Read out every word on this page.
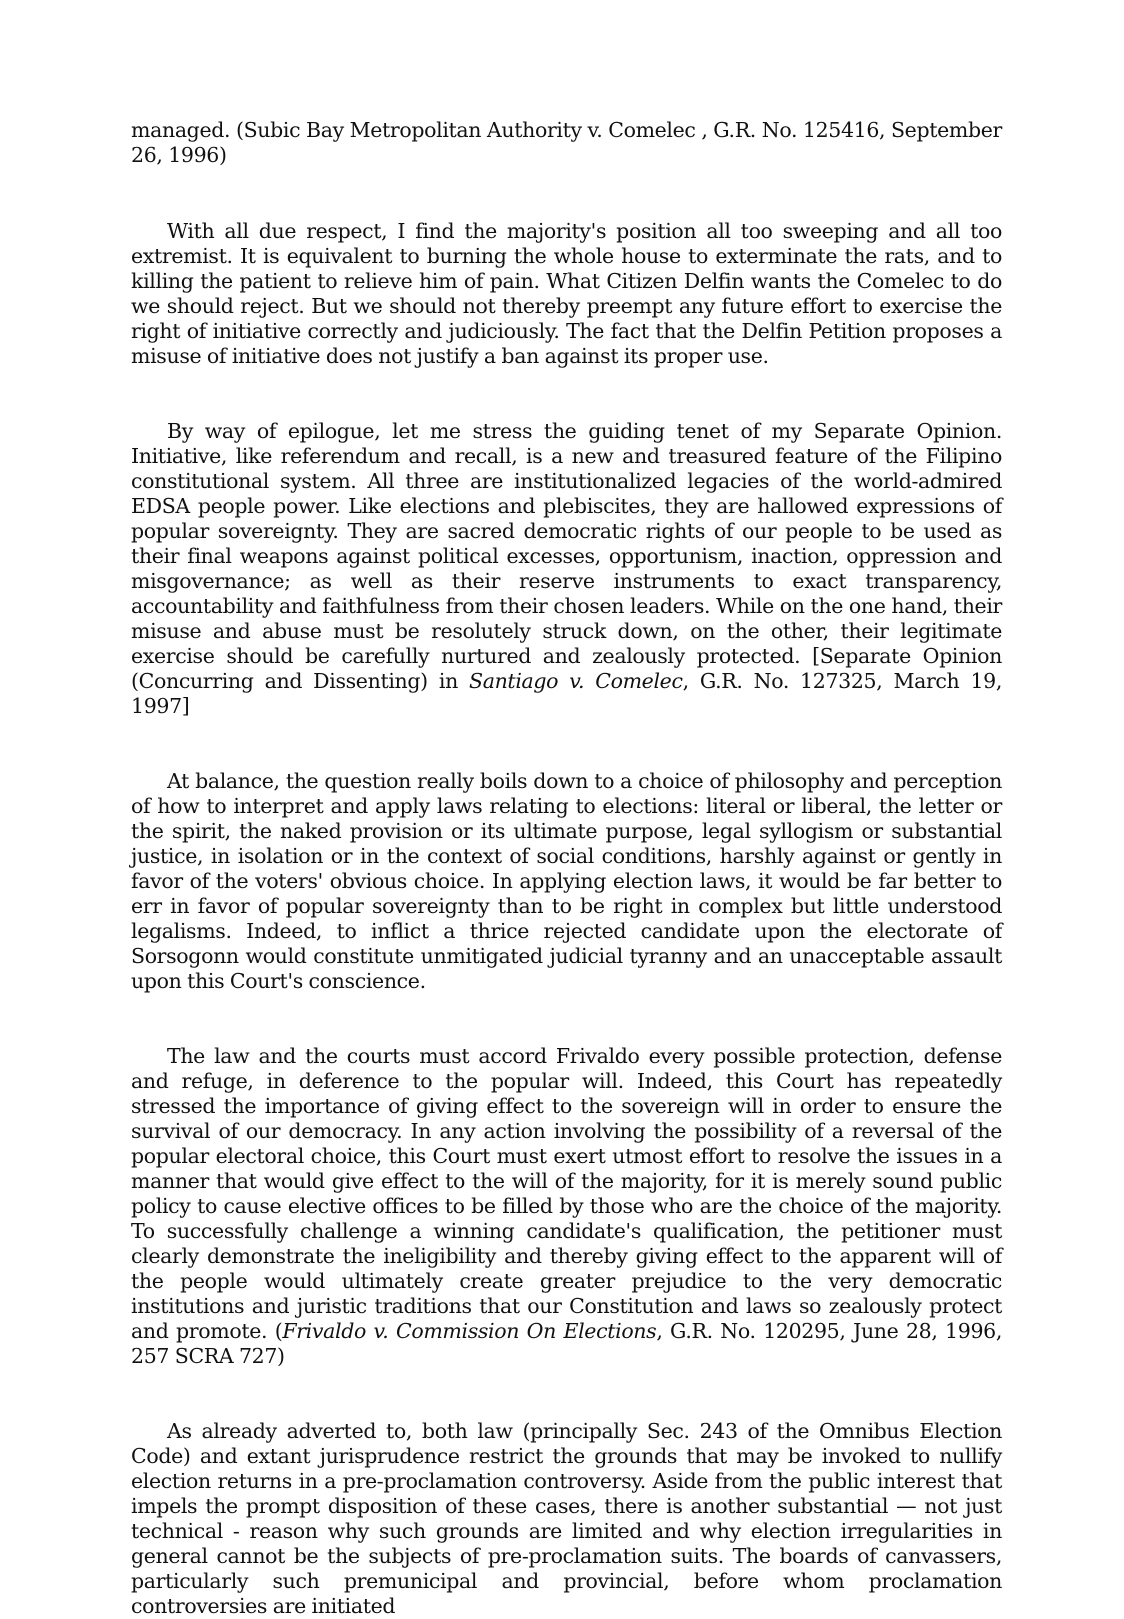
managed. (Subic Bay Metropolitan Authority v. Comelec , G.R. No. 125416, September 26, 1996)

With all due respect, I find the majority's position all too sweeping and all too extremist. It is equivalent to burning the whole house to exterminate the rats, and to killing the patient to relieve him of pain. What Citizen Delfin wants the Comelec to do we should reject. But we should not thereby preempt any future effort to exercise the right of initiative correctly and judiciously. The fact that the Delfin Petition proposes a misuse of initiative does not justify a ban against its proper use.

By way of epilogue, let me stress the guiding tenet of my Separate Opinion. Initiative, like referendum and recall, is a new and treasured feature of the Filipino constitutional system. All three are institutionalized legacies of the world-admired EDSA people power. Like elections and plebiscites, they are hallowed expressions of popular sovereignty. They are sacred democratic rights of our people to be used as their final weapons against political excesses, opportunism, inaction, oppression and misgovernance; as well as their reserve instruments to exact transparency, accountability and faithfulness from their chosen leaders. While on the one hand, their misuse and abuse must be resolutely struck down, on the other, their legitimate exercise should be carefully nurtured and zealously protected. [Separate Opinion (Concurring and Dissenting) in Santiago v. Comelec, G.R. No. 127325, March 19, 1997]

At balance, the question really boils down to a choice of philosophy and perception of how to interpret and apply laws relating to elections: literal or liberal, the letter or the spirit, the naked provision or its ultimate purpose, legal syllogism or substantial justice, in isolation or in the context of social conditions, harshly against or gently in favor of the voters' obvious choice. In applying election laws, it would be far better to err in favor of popular sovereignty than to be right in complex but little understood legalisms. Indeed, to inflict a thrice rejected candidate upon the electorate of Sorsogonn would constitute unmitigated judicial tyranny and an unacceptable assault upon this Court's conscience.

The law and the courts must accord Frivaldo every possible protection, defense and refuge, in deference to the popular will. Indeed, this Court has repeatedly stressed the importance of giving effect to the sovereign will in order to ensure the survival of our democracy. In any action involving the possibility of a reversal of the popular electoral choice, this Court must exert utmost effort to resolve the issues in a manner that would give effect to the will of the majority, for it is merely sound public policy to cause elective offices to be filled by those who are the choice of the majority. To successfully challenge a winning candidate's qualification, the petitioner must clearly demonstrate the ineligibility and thereby giving effect to the apparent will of the people would ultimately create greater prejudice to the very democratic institutions and juristic traditions that our Constitution and laws so zealously protect and promote. (Frivaldo v. Commission On Elections, G.R. No. 120295, June 28, 1996, 257 SCRA 727)

As already adverted to, both law (principally Sec. 243 of the Omnibus Election Code) and extant jurisprudence restrict the grounds that may be invoked to nullify election returns in a pre-proclamation controversy. Aside from the public interest that impels the prompt disposition of these cases, there is another substantial — not just technical - reason why such grounds are limited and why election irregularities in general cannot be the subjects of pre-proclamation suits. The boards of canvassers, particularly such premunicipal and provincial, before whom proclamation controversies are initiated
